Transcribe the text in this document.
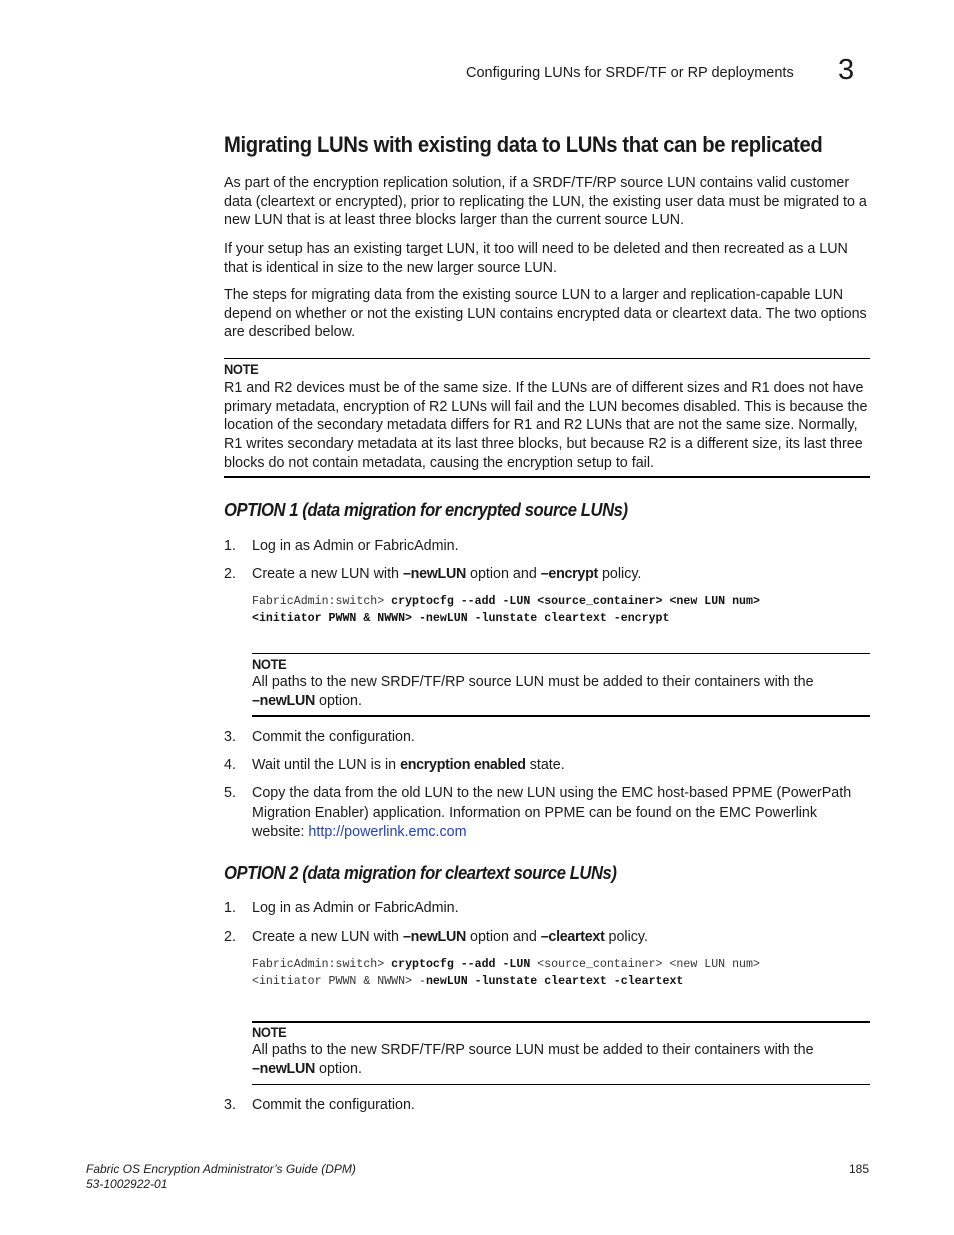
Configuring LUNs for SRDF/TF or RP deployments 3
Migrating LUNs with existing data to LUNs that can be replicated

As part of the encryption replication solution, if a SRDF/TF/RP source LUN contains valid customer data (cleartext or encrypted), prior to replicating the LUN, the existing user data must be migrated to a new LUN that is at least three blocks larger than the current source LUN.

If your setup has an existing target LUN, it too will need to be deleted and then recreated as a LUN that is identical in size to the new larger source LUN.

The steps for migrating data from the existing source LUN to a larger and replication-capable LUN depend on whether or not the existing LUN contains encrypted data or cleartext data. The two options are described below.

NOTE

R1 and R2 devices must be of the same size. If the LUNs are of different sizes and R1 does not have primary metadata, encryption of R2 LUNs will fail and the LUN becomes disabled. This is because the location of the secondary metadata differs for R1 and R2 LUNs that are not the same size. Normally, R1 writes secondary metadata at its last three blocks, but because R2 is a different size, its last three blocks do not contain metadata, causing the encryption setup to fail.

OPTION 1 (data migration for encrypted source LUNs)
1. Log in as Admin or FabricAdmin.
2. Create a new LUN with –newLUN option and –encrypt policy.
FabricAdmin:switch> cryptocfg --add -LUN <source_container> <new LUN num>
<initiator PWWN & NWWN> -newLUN -lunstate cleartext -encrypt
NOTE

All paths to the new SRDF/TF/RP source LUN must be added to their containers with the
–newLUN option.

3. Commit the configuration.
4. Wait until the LUN is in encryption enabled state.
5. Copy the data from the old LUN to the new LUN using the EMC host-based PPME (PowerPath

Migration Enabler) application. Information on PPME can be found on the EMC Powerlink
website: http://powerlink.emc.com

OPTION 2 (data migration for cleartext source LUNs)
1. Log in as Admin or FabricAdmin.
2. Create a new LUN with –newLUN option and –cleartext policy.
FabricAdmin:switch> cryptocfg --add -LUN <source_container> <new LUN num>
<initiator PWWN & NWWN> -newLUN -lunstate cleartext -cleartext
NOTE

All paths to the new SRDF/TF/RP source LUN must be added to their containers with the
–newLUN option.

3. Commit the configuration.
Fabric OS Encryption Administrator’s Guide (DPM)
53-1002922-01
185
